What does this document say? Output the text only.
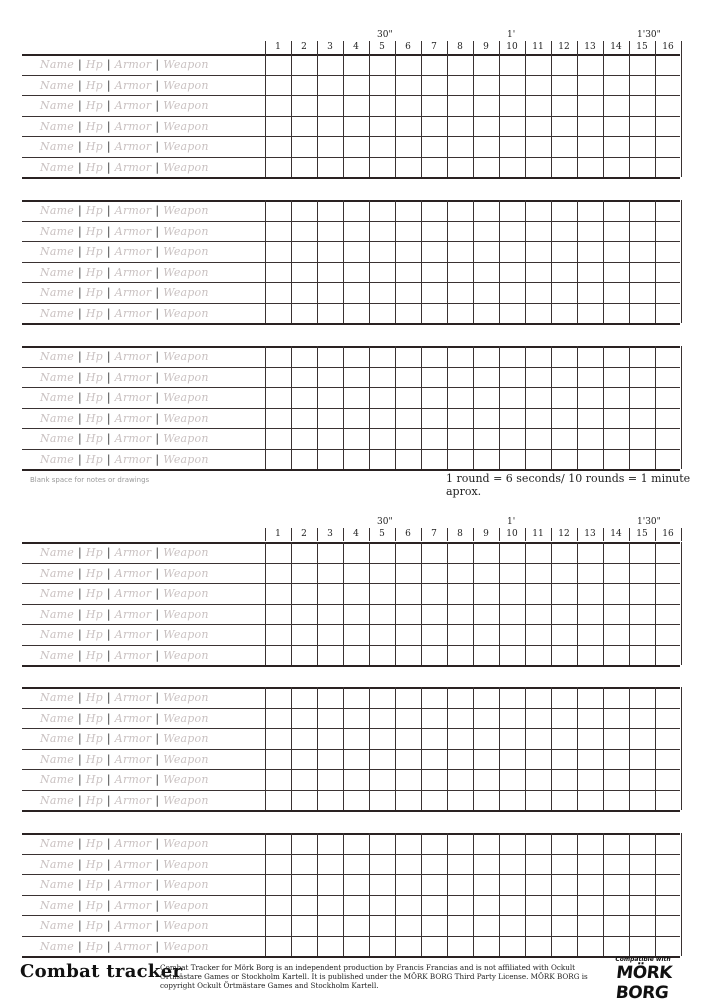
30"	1'	1'30"
1	2	3	4	5	6	7	8	9	10	11	12	13	14	15	16
Name | Hp | Armor | Weapon
Name | Hp | Armor | Weapon
Name | Hp | Armor | Weapon
Name | Hp | Armor | Weapon
Name | Hp | Armor | Weapon
Name | Hp | Armor | Weapon
Name | Hp | Armor | Weapon
Name | Hp | Armor | Weapon
Name | Hp | Armor | Weapon
Name | Hp | Armor | Weapon
Name | Hp | Armor | Weapon
Name | Hp | Armor | Weapon
Name | Hp | Armor | Weapon
Name | Hp | Armor | Weapon
Name | Hp | Armor | Weapon
Name | Hp | Armor | Weapon
Name | Hp | Armor | Weapon
Name | Hp | Armor | Weapon
30"	1'	1'30"
1	2	3	4	5	6	7	8	9	10	11	12	13	14	15	16
Name | Hp | Armor | Weapon
Name | Hp | Armor | Weapon
Name | Hp | Armor | Weapon
Name | Hp | Armor | Weapon
Name | Hp | Armor | Weapon
Name | Hp | Armor | Weapon
Name | Hp | Armor | Weapon
Name | Hp | Armor | Weapon
Name | Hp | Armor | Weapon
Name | Hp | Armor | Weapon
Name | Hp | Armor | Weapon
Name | Hp | Armor | Weapon
Name | Hp | Armor | Weapon
Name | Hp | Armor | Weapon
Name | Hp | Armor | Weapon
Name | Hp | Armor | Weapon
Name | Hp | Armor | Weapon
Name | Hp | Armor | Weapon
Blank space for notes or drawings	1 round = 6 seconds/ 10 rounds = 1 minute aprox.
Combat tracker
Combat Tracker for Mörk Borg is an independent production by Francis Francias and is not affiliated with Ockult Örtmästare Games or Stockholm Kartell. It is published under the MÖRK BORG Third Party License. MÖRK BORG is copyright Ockult Örtmästare Games and Stockholm Kartell.
Compatible with
MÖRK BORG
